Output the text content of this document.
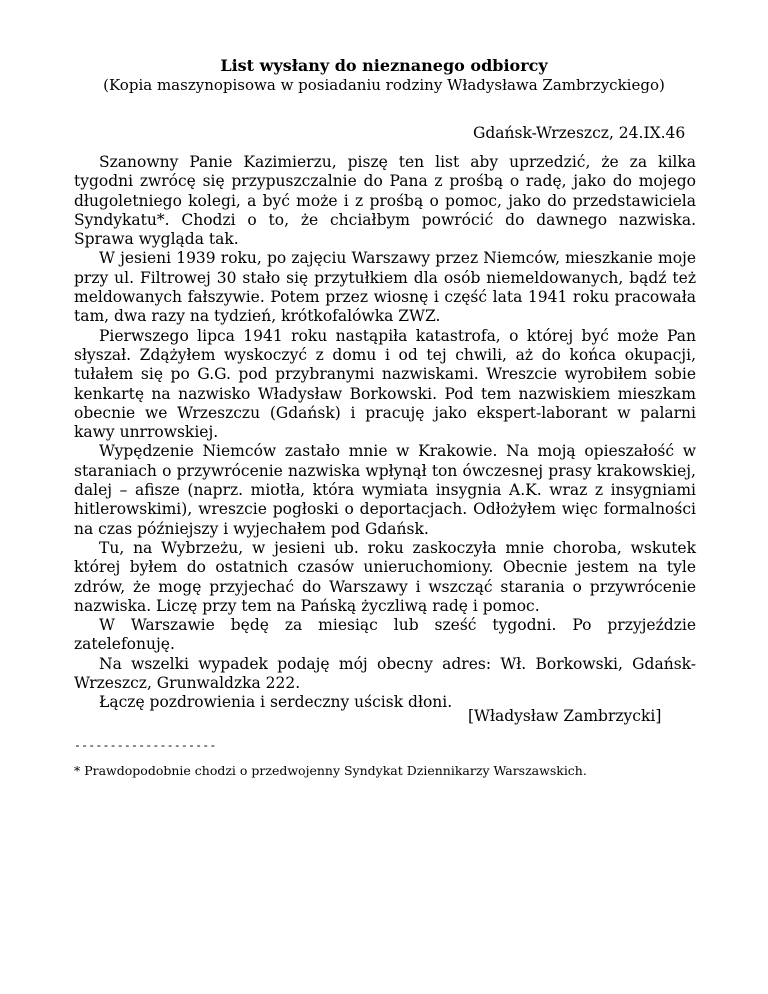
List wysłany do nieznanego odbiorcy
(Kopia maszynopisowa w posiadaniu rodziny Władysława Zambrzyckiego)
Gdańsk-Wrzeszcz, 24.IX.46

Szanowny Panie Kazimierzu, piszę ten list aby uprzedzić, że za kilka tygodni zwrócę się przypuszczalnie do Pana z prośbą o radę, jako do mojego długoletniego kolegi, a być może i z prośbą o pomoc, jako do przedstawiciela Syndykatu*. Chodzi o to, że chciałbym powrócić do dawnego nazwiska. Sprawa wygląda tak.

W jesieni 1939 roku, po zajęciu Warszawy przez Niemców, mieszkanie moje przy ul. Filtrowej 30 stało się przytułkiem dla osób niemeldowanych, bądź też meldowanych fałszywie. Potem przez wiosnę i część lata 1941 roku pracowała tam, dwa razy na tydzień, krótkofalówka ZWZ.

Pierwszego lipca 1941 roku nastąpiła katastrofa, o której być może Pan słyszał. Zdążyłem wyskoczyć z domu i od tej chwili, aż do końca okupacji, tułałem się po G.G. pod przybranymi nazwiskami. Wreszcie wyrobiłem sobie kenkartę na nazwisko Władysław Borkowski. Pod tem nazwiskiem mieszkam obecnie we Wrzeszczu (Gdańsk) i pracuję jako ekspert-laborant w palarni kawy unrrowskiej.

Wypędzenie Niemców zastało mnie w Krakowie. Na moją opieszałość w staraniach o przywrócenie nazwiska wpłynął ton ówczesnej prasy krakowskiej, dalej – afisze (naprz. miotła, która wymiata insygnia A.K. wraz z insygniami hitlerowskimi), wreszcie pogłoski o deportacjach. Odłożyłem więc formalności na czas późniejszy i wyjechałem pod Gdańsk.

Tu, na Wybrzeżu, w jesieni ub. roku zaskoczyła mnie choroba, wskutek której byłem do ostatnich czasów unieruchomiony. Obecnie jestem na tyle zdrów, że mogę przyjechać do Warszawy i wszcząć starania o przywrócenie nazwiska. Liczę przy tem na Pańską życzliwą radę i pomoc.

W Warszawie będę za miesiąc lub sześć tygodni. Po przyjeździe zatelefonuję.

Na wszelki wypadek podaję mój obecny adres: Wł. Borkowski, Gdańsk-Wrzeszcz, Grunwaldzka 222.

Łączę pozdrowienia i serdeczny uścisk dłoni.

[Władysław Zambrzycki]
--------------------
* Prawdopodobnie chodzi o przedwojenny Syndykat Dziennikarzy Warszawskich.
